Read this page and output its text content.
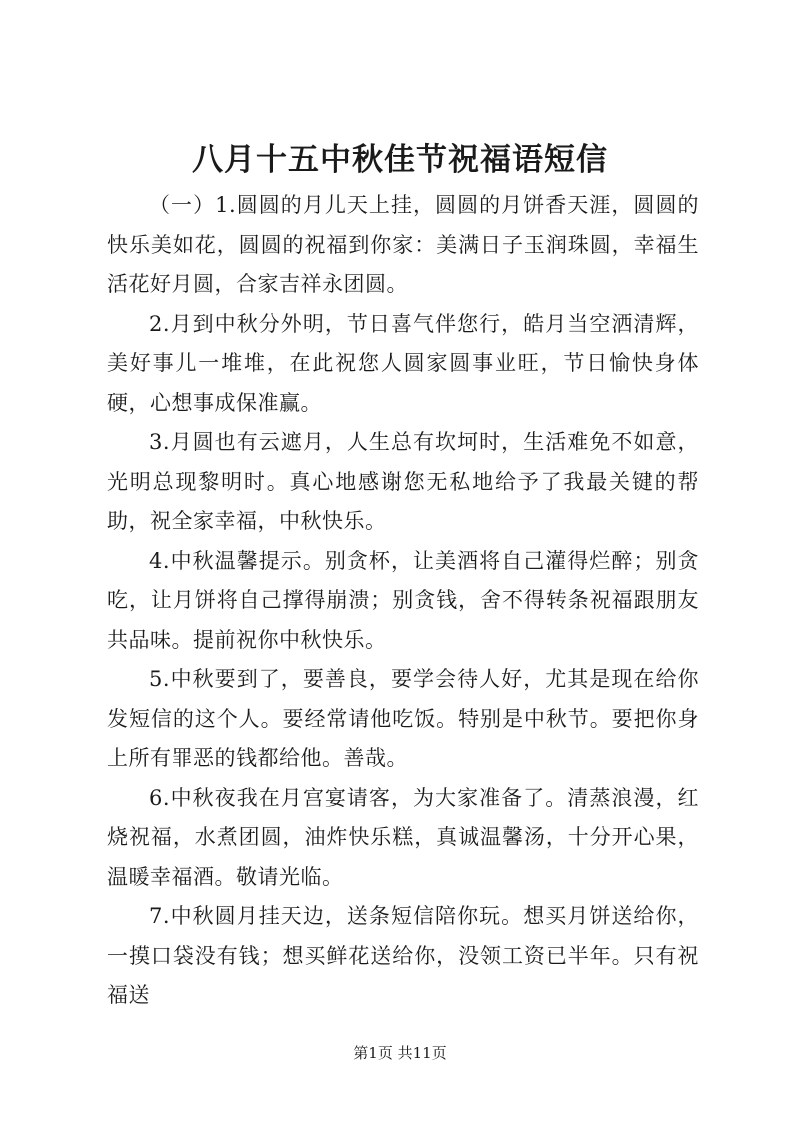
八月十五中秋佳节祝福语短信

（一）1.圆圆的月儿天上挂，圆圆的月饼香天涯，圆圆的快乐美如花，圆圆的祝福到你家：美满日子玉润珠圆，幸福生活花好月圆，合家吉祥永团圆。

2.月到中秋分外明，节日喜气伴您行，皓月当空洒清辉，美好事儿一堆堆，在此祝您人圆家圆事业旺，节日愉快身体硬，心想事成保准赢。

3.月圆也有云遮月，人生总有坎坷时，生活难免不如意，光明总现黎明时。真心地感谢您无私地给予了我最关键的帮助，祝全家幸福，中秋快乐。

4.中秋温馨提示。别贪杯，让美酒将自己灌得烂醉；别贪吃，让月饼将自己撑得崩溃；别贪钱，舍不得转条祝福跟朋友共品味。提前祝你中秋快乐。

5.中秋要到了，要善良，要学会待人好，尤其是现在给你发短信的这个人。要经常请他吃饭。特别是中秋节。要把你身上所有罪恶的钱都给他。善哉。

6.中秋夜我在月宫宴请客，为大家准备了。清蒸浪漫，红烧祝福，水煮团圆，油炸快乐糕，真诚温馨汤，十分开心果，温暖幸福酒。敬请光临。

7.中秋圆月挂天边，送条短信陪你玩。想买月饼送给你，一摸口袋没有钱；想买鲜花送给你，没领工资已半年。只有祝福送

第1页 共11页
